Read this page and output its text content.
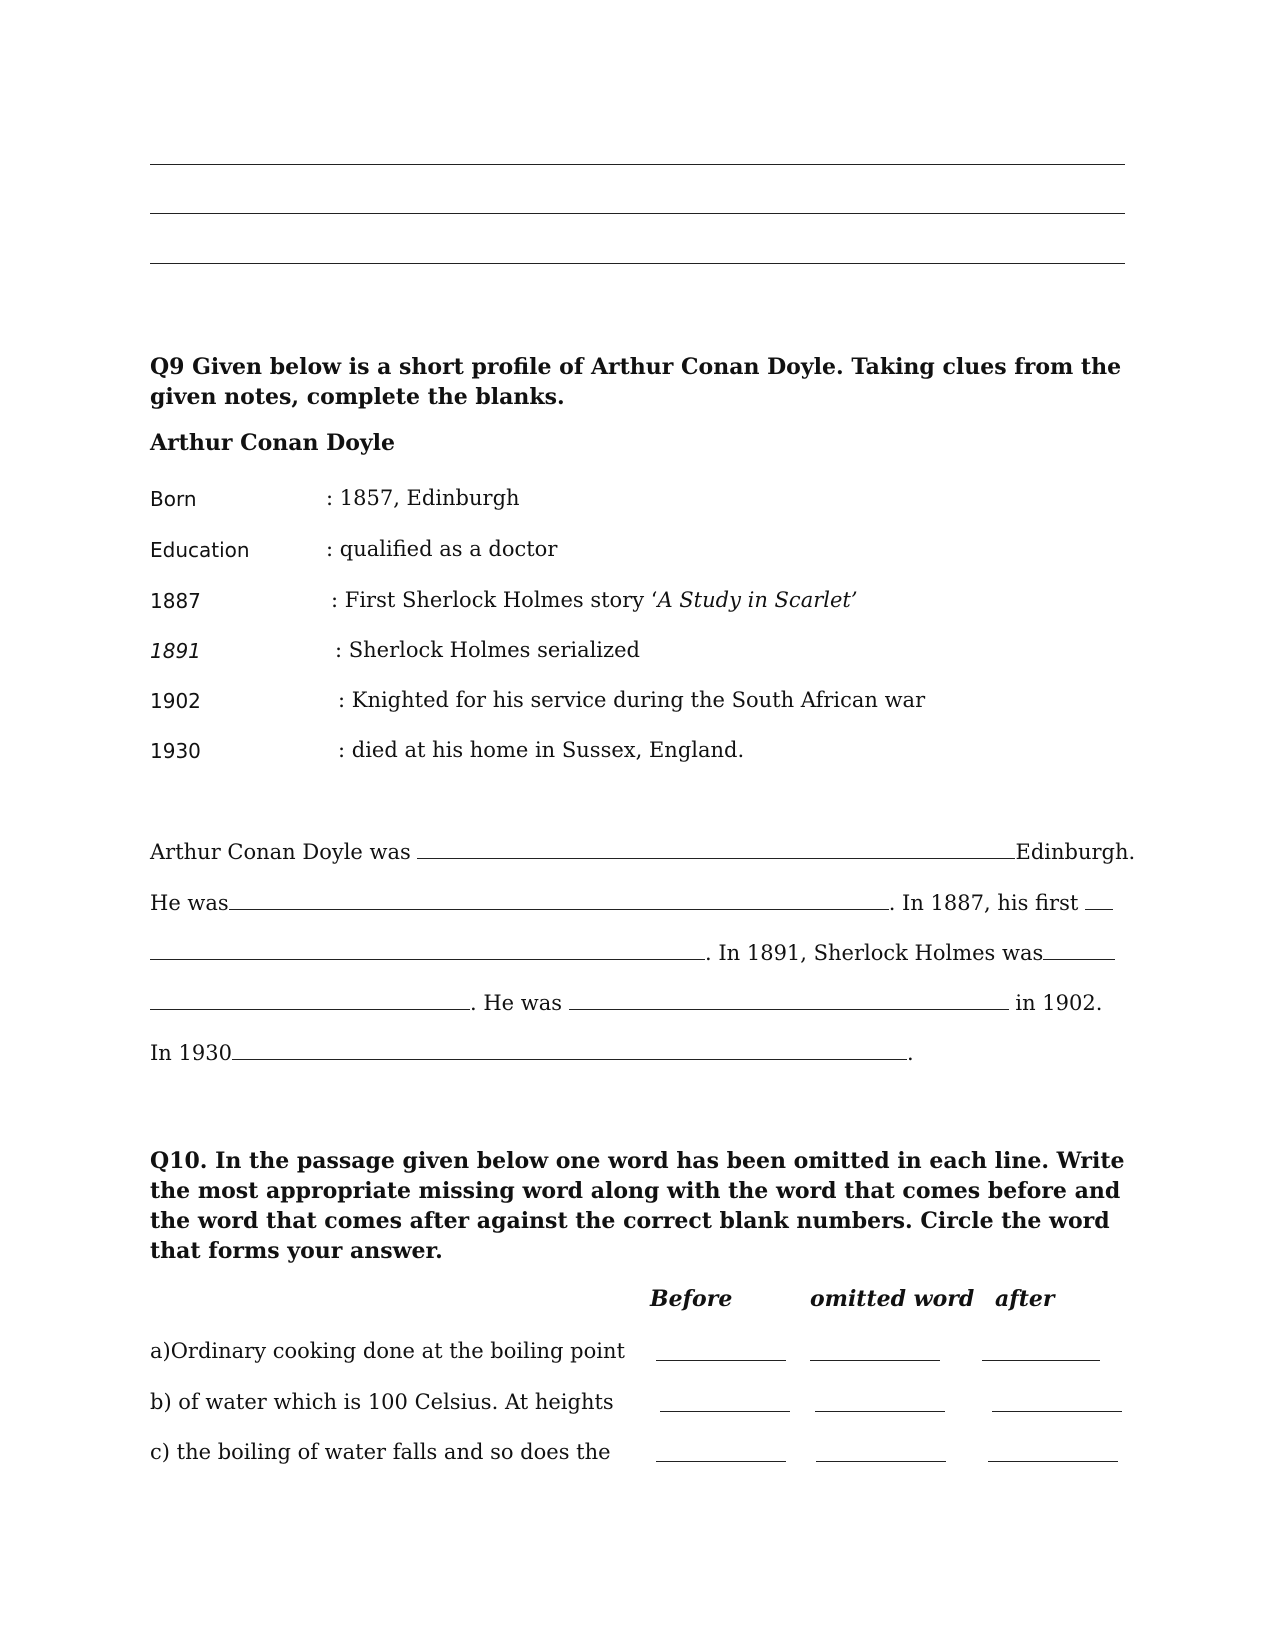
Q9 Given below is a short profile of Arthur Conan Doyle. Taking clues from the given notes, complete the blanks.
Arthur Conan Doyle
Born	: 1857, Edinburgh
Education	: qualified as a doctor
1887	: First Sherlock Holmes story ‘A Study in Scarlet’
1891	: Sherlock Holmes serialized
1902	: Knighted for his service during the South African war
1930	: died at his home in Sussex, England.
Arthur Conan Doyle was	Edinburgh.
He was	. In 1887, his first
. In 1891, Sherlock Holmes was
. He was	in 1902.
In 1930	.
Q10. In the passage given below one word has been omitted in each line. Write the most appropriate missing word along with the word that comes before and the word that comes after against the correct blank numbers. Circle the word that forms your answer.
Before	omitted word after
a)Ordinary cooking done at the boiling point
b) of water which is 100 Celsius. At heights
c) the boiling of water falls and so does the
